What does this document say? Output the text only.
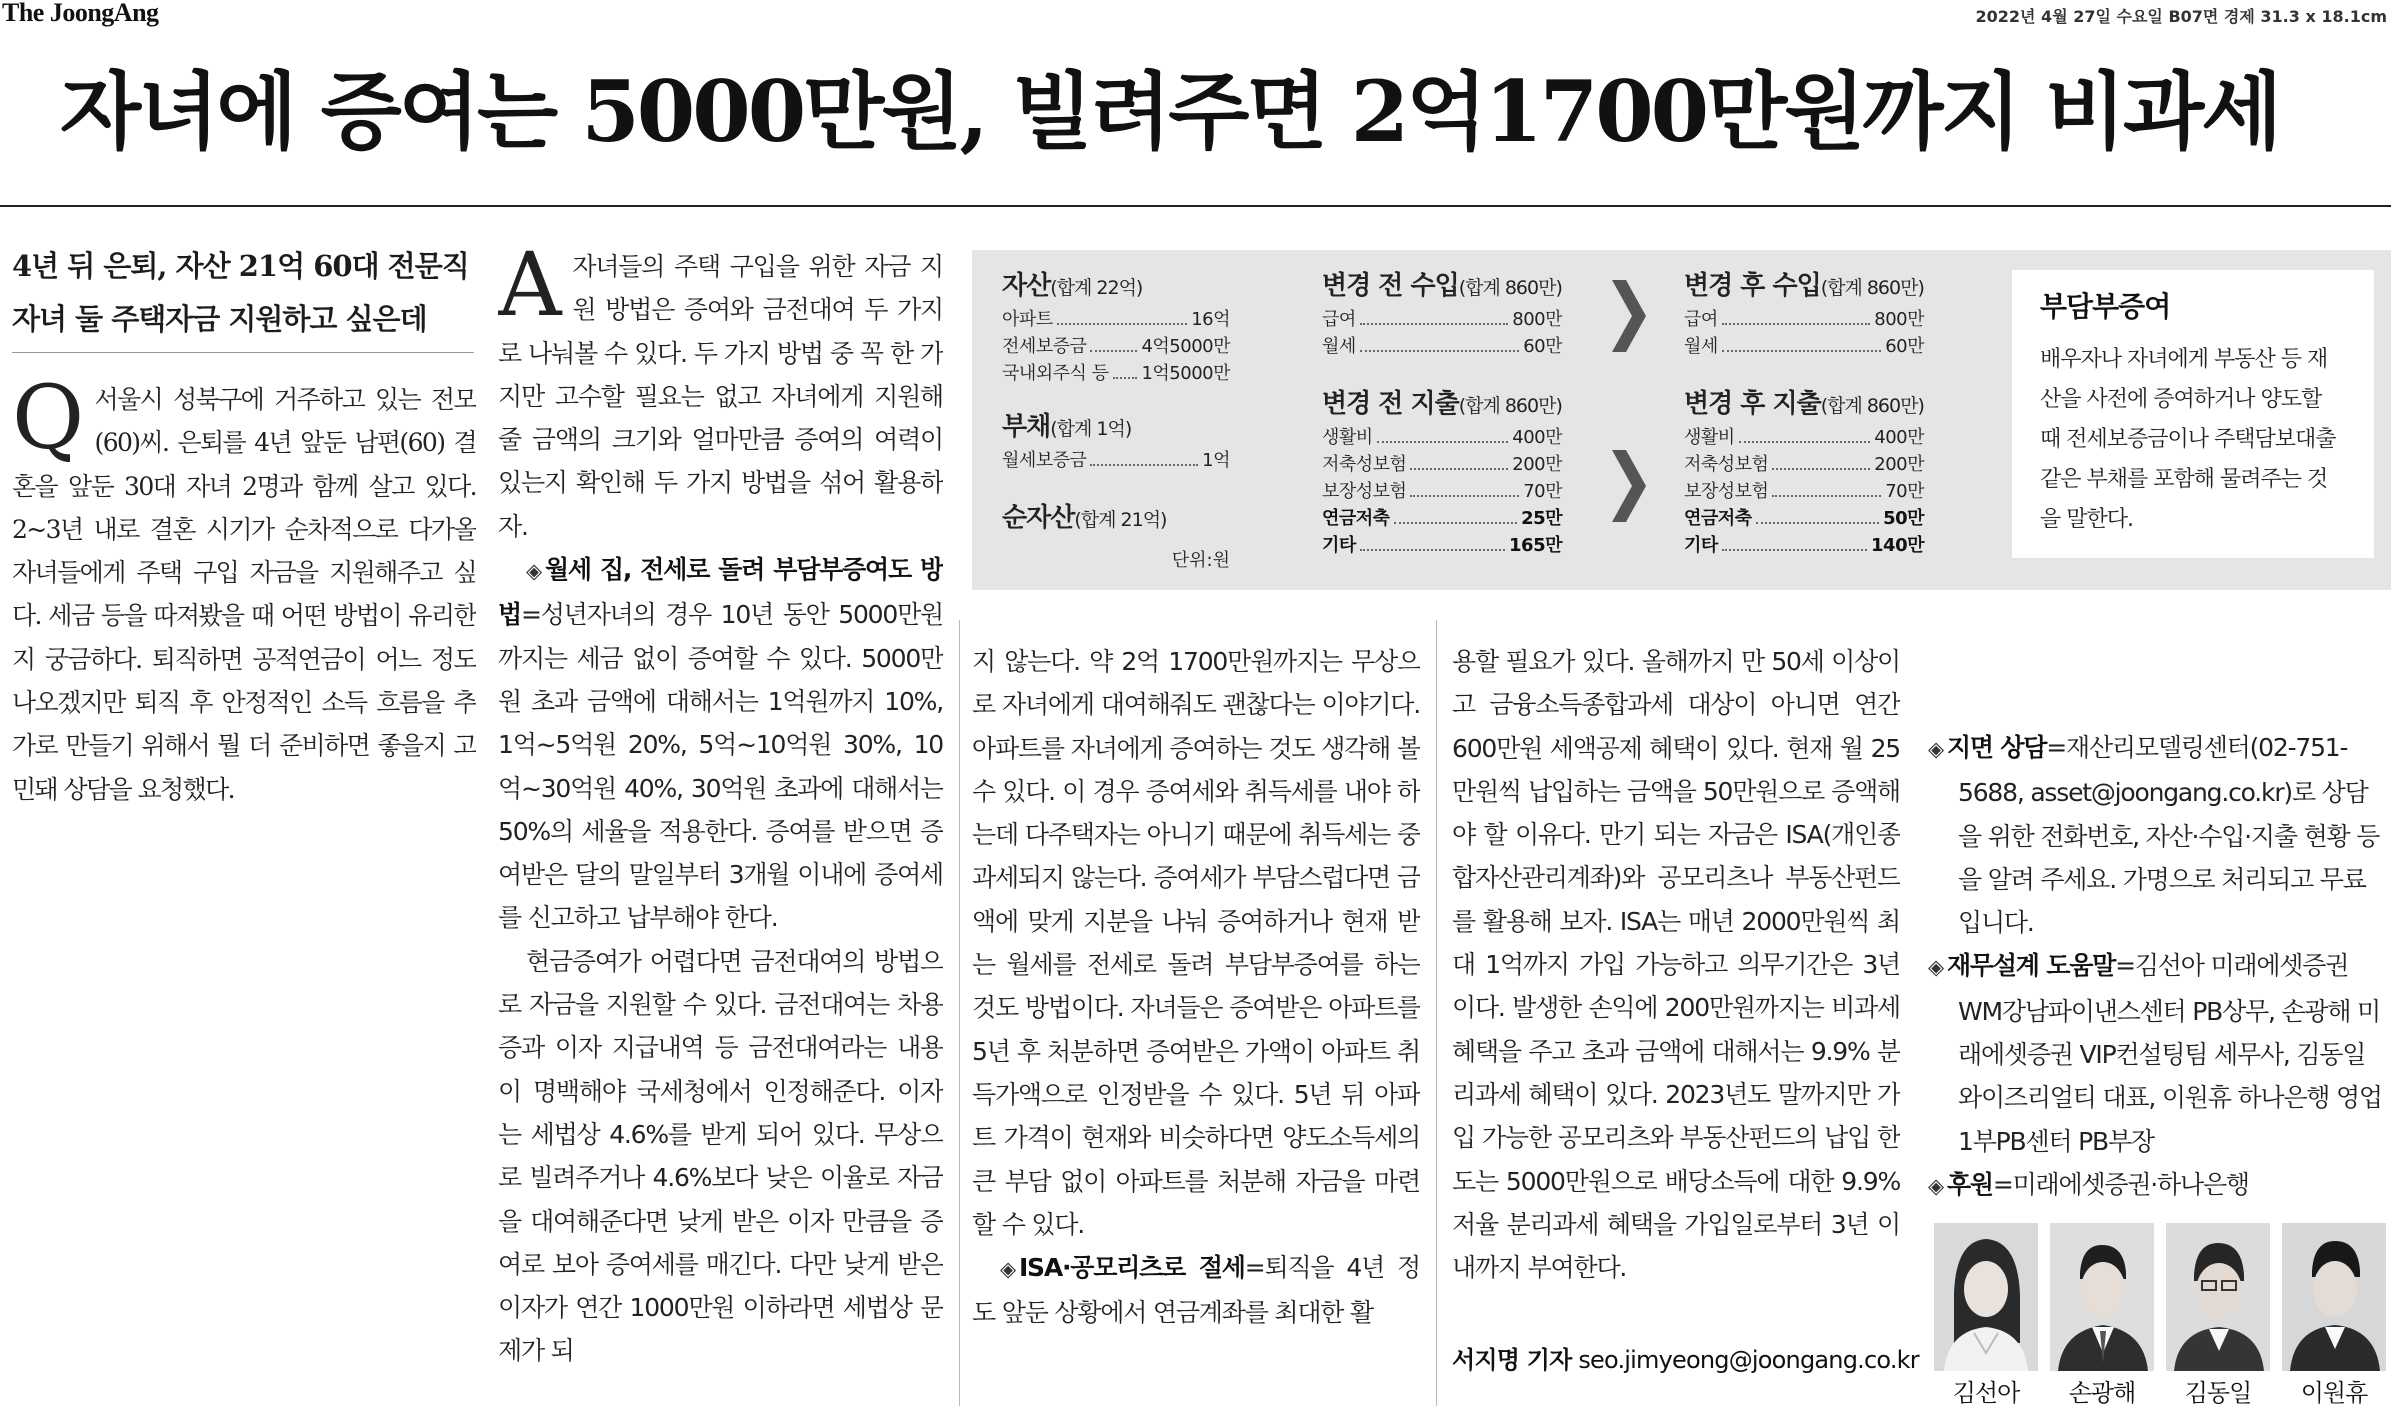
The JoongAng	2022년 4월 27일 수요일 B07면 경제 31.3 x 18.1cm
자녀에 증여는 5000만원, 빌려주면 2억1700만원까지 비과세
4년 뒤 은퇴, 자산 21억 60대 전문직
자녀 둘 주택자금 지원하고 싶은데
Q 서울시 성북구에 거주하고 있는 전모(60)씨. 은퇴를 4년 앞둔 남편(60) 결혼을 앞둔 30대 자녀 2명과 함께 살고 있다. 2~3년 내로 결혼 시기가 순차적으로 다가올 자녀들에게 주택 구입 자금을 지원해주고 싶다. 세금 등을 따져봤을 때 어떤 방법이 유리한지 궁금하다. 퇴직하면 공적연금이 어느 정도 나오겠지만 퇴직 후 안정적인 소득 흐름을 추가로 만들기 위해서 뭘 더 준비하면 좋을지 고민돼 상담을 요청했다.

A 자녀들의 주택 구입을 위한 자금 지원 방법은 증여와 금전대여 두 가지로 나눠볼 수 있다. 두 가지 방법 중 꼭 한 가지만 고수할 필요는 없고 자녀에게 지원해줄 금액의 크기와 얼마만큼 증여의 여력이 있는지 확인해 두 가지 방법을 섞어 활용하자.

◈ 월세 집, 전세로 돌려 부담부증여도 방법=성년자녀의 경우 10년 동안 5000만원까지는 세금 없이 증여할 수 있다. 5000만원 초과 금액에 대해서는 1억원까지 10%, 1억~5억원 20%, 5억~10억원 30%, 10억~30억원 40%, 30억원 초과에 대해서는 50%의 세율을 적용한다. 증여를 받으면 증여받은 달의 말일부터 3개월 이내에 증여세를 신고하고 납부해야 한다.

현금증여가 어렵다면 금전대여의 방법으로 자금을 지원할 수 있다. 금전대여는 차용증과 이자 지급내역 등 금전대여라는 내용이 명백해야 국세청에서 인정해준다. 이자는 세법상 4.6%를 받게 되어 있다. 무상으로 빌려주거나 4.6%보다 낮은 이율로 자금을 대여해준다면 낮게 받은 이자 만큼을 증여로 보아 증여세를 매긴다. 다만 낮게 받은 이자가 연간 1000만원 이하라면 세법상 문제가 되

자산(합계 22억)
아파트	16억
전세보증금	4억5000만
국내외주식 등 1억5000만
부채(합계 1억)
월세보증금	1억
순자산(합계 21억)
단위:원
변경 전 수입(합계 860만)
급여	800만
월세	60만
변경 전 지출(합계 860만)
생활비	400만
저축성보험	200만
보장성보험	70만
연금저축	25만
기타	165만
변경 후 수입(합계 860만)
급여	800만
월세	60만
변경 후 지출(합계 860만)
생활비	400만
저축성보험	200만
보장성보험	70만
연금저축	50만
기타	140만
부담부증여
배우자나 자녀에게 부동산 등 재산을 사전에 증여하거나 양도할 때 전세보증금이나 주택담보대출 같은 부채를 포함해 물려주는 것을 말한다.

지 않는다. 약 2억 1700만원까지는 무상으로 자녀에게 대여해줘도 괜찮다는 이야기다. 아파트를 자녀에게 증여하는 것도 생각해 볼 수 있다. 이 경우 증여세와 취득세를 내야 하는데 다주택자는 아니기 때문에 취득세는 중과세되지 않는다. 증여세가 부담스럽다면 금액에 맞게 지분을 나눠 증여하거나 현재 받는 월세를 전세로 돌려 부담부증여를 하는 것도 방법이다. 자녀들은 증여받은 아파트를 5년 후 처분하면 증여받은 가액이 아파트 취득가액으로 인정받을 수 있다. 5년 뒤 아파트 가격이 현재와 비슷하다면 양도소득세의 큰 부담 없이 아파트를 처분해 자금을 마련할 수 있다.

◈ ISA·공모리츠로 절세=퇴직을 4년 정도 앞둔 상황에서 연금계좌를 최대한 활

용할 필요가 있다. 올해까지 만 50세 이상이고 금융소득종합과세 대상이 아니면 연간 600만원 세액공제 혜택이 있다. 현재 월 25만원씩 납입하는 금액을 50만원으로 증액해야 할 이유다. 만기 되는 자금은 ISA(개인종합자산관리계좌)와 공모리츠나 부동산펀드를 활용해 보자. ISA는 매년 2000만원씩 최대 1억까지 가입 가능하고 의무기간은 3년이다. 발생한 손익에 200만원까지는 비과세 혜택을 주고 초과 금액에 대해서는 9.9% 분리과세 혜택이 있다. 2023년도 말까지만 가입 가능한 공모리츠와 부동산펀드의 납입 한도는 5000만원으로 배당소득에 대한 9.9% 저율 분리과세 혜택을 가입일로부터 3년 이내까지 부여한다.

서지명 기자 seo.jimyeong@joongang.co.kr

◈ 지면 상담=재산리모델링센터(02-751-5688, asset@joongang.co.kr)로 상담을 위한 전화번호, 자산·수입·지출 현황 등을 알려 주세요. 가명으로 처리되고 무료입니다.

◈ 재무설계 도움말=김선아 미래에셋증권 WM강남파이낸스센터 PB상무, 손광해 미래에셋증권 VIP컨설팅팀 세무사, 김동일 와이즈리얼티 대표, 이원휴 하나은행 영업1부PB센터 PB부장

◈ 후원=미래에셋증권·하나은행

김선아	손광해	김동일	이원휴
